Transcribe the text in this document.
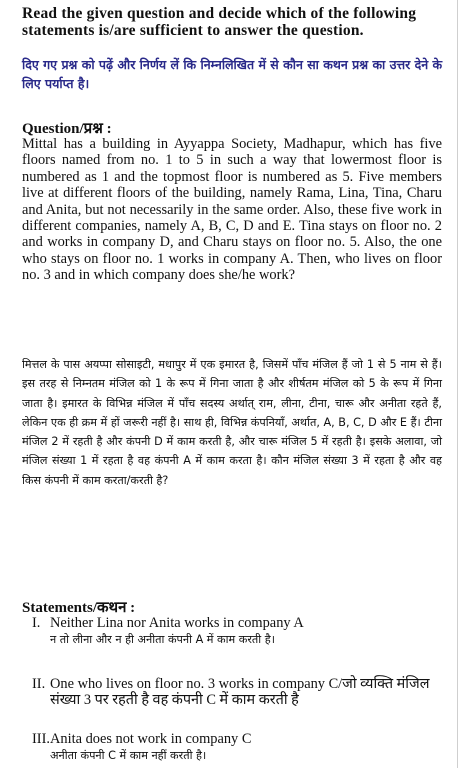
Read the given question and decide which of the following statements is/are sufficient to answer the question.
दिए गए प्रश्न को पढ़ें और निर्णय लें कि निम्नलिखित में से कौन सा कथन प्रश्न का उत्तर देने के लिए पर्याप्त है।
Question/प्रश्न :
Mittal has a building in Ayyappa Society, Madhapur, which has five floors named from no. 1 to 5 in such a way that lowermost floor is numbered as 1 and the topmost floor is numbered as 5. Five members live at different floors of the building, namely Rama, Lina, Tina, Charu and Anita, but not necessarily in the same order. Also, these five work in different companies, namely A, B, C, D and E. Tina stays on floor no. 2 and works in company D, and Charu stays on floor no. 5. Also, the one who stays on floor no. 1 works in company A. Then, who lives on floor no. 3 and in which company does she/he work?
मित्तल के पास अयप्पा सोसाइटी, मधापुर में एक इमारत है, जिसमें पाँच मंजिल हैं जो 1 से 5 नाम से हैं। इस तरह से निम्नतम मंजिल को 1 के रूप में गिना जाता है और शीर्षतम मंजिल को 5 के रूप में गिना जाता है। इमारत के विभिन्न मंजिल में पाँच सदस्य अर्थात् राम, लीना, टीना, चारू और अनीता रहते हैं, लेकिन एक ही क्रम में हों जरूरी नहीं है। साथ ही, विभिन्न कंपनियाँ, अर्थात, A, B, C, D और E हैं। टीना मंजिल 2 में रहती है और कंपनी D में काम करती है, और चारू मंजिल 5 में रहती है। इसके अलावा, जो मंजिल संख्या 1 में रहता है वह कंपनी A में काम करता है। कौन मंजिल संख्या 3 में रहता है और वह किस कंपनी में काम करता/करती है?
Statements/कथन :
I. Neither Lina nor Anita works in company A
न तो लीना और न ही अनीता कंपनी A में काम करती है।
II. One who lives on floor no. 3 works in company C/जो व्यक्ति मंजिल संख्या 3 पर रहती है वह कंपनी C में काम करती है
III. Anita does not work in company C
अनीता कंपनी C में काम नहीं करती है।
